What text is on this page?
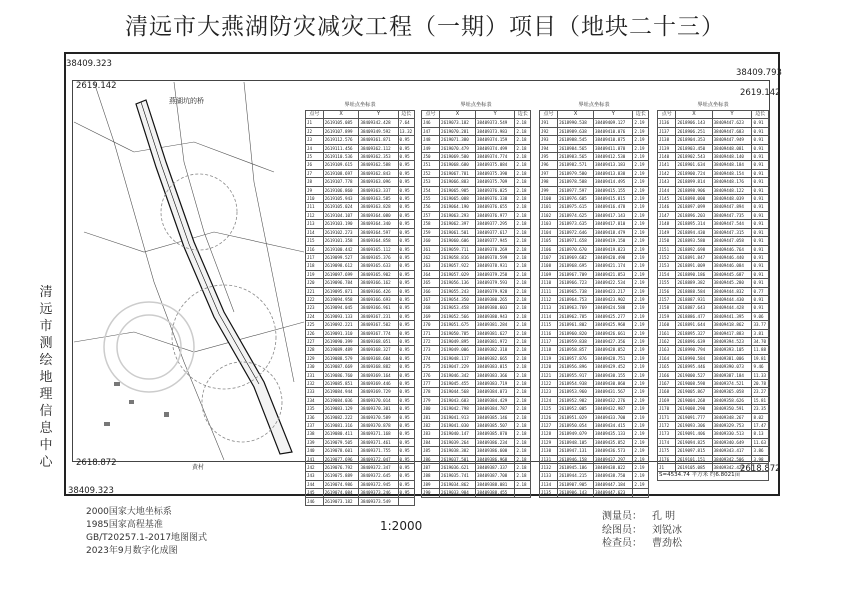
清远市大燕湖防灾减灾工程（一期）项目（地块二十三）
38409.323
38409.793
2619.142
2619.142
2618.872
2618.872
38409.323
清远市测绘地理信息中心
燕湖坑的桥
黄村
界址点坐标表			
点号	X	Y	边长
J1	2619105.085	38409342.428	7.64
J2	2619107.899	38409349.592	13.32
J3	2619112.576	38409361.871	0.95
J4	2619111.456	38409362.112	0.95
J5	2619110.536	38409362.353	0.95
J6	2619109.615	38409362.588	0.95
J7	2619108.697	38409362.843	0.95
J8	2619107.778	38409363.096	0.95
J9	2619106.860	38409363.337	0.95
J10	2619105.943	38409363.585	0.95
J11	2619105.024	38409363.828	0.95
J12	2619104.107	38409364.080	0.95
J13	2619103.190	38409364.340	0.95
J14	2619102.273	38409364.597	0.95
J15	2619101.358	38409364.858	0.95
J16	2619100.442	38409365.112	0.95
J17	2619099.527	38409365.376	0.95
J18	2619098.612	38409365.633	0.95
J19	2619097.699	38409365.902	0.95
J20	2619096.784	38409366.162	0.95
J21	2619095.871	38409366.426	0.95
J22	2619094.958	38409366.693	0.95
J23	2619094.045	38409366.961	0.95
J24	2619093.133	38409367.231	0.95
J25	2619092.221	38409367.502	0.95
J26	2619091.310	38409367.774	0.95
J27	2619090.399	38409368.051	0.95
J28	2619089.489	38409368.327	0.95
J29	2619088.579	38409368.604	0.95
J30	2619087.669	38409368.882	0.95
J31	2619086.760	38409369.164	0.95
J32	2619085.851	38409369.446	0.95
J33	2619084.944	38409369.729	0.95
J34	2619084.036	38409370.014	0.95
J35	2619083.129	38409370.301	0.95
J36	2619082.222	38409370.589	0.95
J37	2619081.316	38409370.878	0.95
J38	2619080.411	38409371.168	0.95
J39	2619079.505	38409371.461	0.95
J40	2619078.601	38409371.755	0.95
J41	2619077.696	38409372.047	0.95
J42	2619076.792	38409372.347	0.95
J43	2619075.889	38409372.645	0.95
J44	2619074.986	38409372.945	0.95
J45	2619074.084	38409373.246	0.95
J46	2619073.182	38409373.549	
界址点坐标表			
点号	X	Y	边长
J46	2619073.182	38409373.549	2.18
J47	2619070.281	38409373.983	2.18
J48	2619071.380	38409374.159	2.18
J49	2619070.479	38409374.499	2.18
J50	2619069.580	38409374.774	2.18
J51	2619068.680	38409375.084	2.18
J52	2619067.781	38409375.398	2.18
J53	2619066.883	38409375.709	2.18
J54	2619065.985	38409376.025	2.18
J55	2619065.088	38409376.338	2.18
J56	2619064.190	38409376.655	2.18
J57	2619063.293	38409376.977	2.18
J58	2619062.397	38409377.295	2.18
J59	2619061.501	38409377.617	2.18
J60	2619060.606	38409377.945	2.18
J61	2619059.711	38409378.269	2.18
J62	2619058.816	38409378.599	2.18
J63	2619057.922	38409378.931	2.18
J64	2619057.029	38409379.258	2.18
J65	2619056.136	38409379.593	2.18
J66	2619055.243	38409379.928	2.18
J67	2619054.350	38409380.265	2.18
J68	2619053.458	38409380.603	2.18
J69	2619052.566	38409380.943	2.18
J70	2619051.675	38409381.284	2.18
J71	2619050.785	38409381.627	2.18
J72	2619049.895	38409381.972	2.18
J73	2619049.006	38409382.318	2.18
J74	2619048.117	38409382.665	2.18
J75	2619047.229	38409383.015	2.18
J76	2619046.342	38409383.366	2.18
J77	2619045.455	38409383.719	2.18
J78	2619044.568	38409384.073	2.18
J79	2619043.683	38409384.429	2.18
J80	2619042.798	38409384.787	2.18
J81	2619041.913	38409385.146	2.18
J82	2619041.030	38409385.507	2.18
J83	2619040.147	38409385.870	2.18
J84	2619039.264	38409386.234	2.18
J85	2619038.382	38409386.600	2.18
J86	2619037.501	38409386.968	2.18
J87	2619036.621	38409387.337	2.18
J88	2619035.741	38409387.708	2.18
J89	2619034.862	38409388.081	2.18
J90	2619033.984	38409388.455	
界址点坐标表			
点号	X	Y	边长
J91	2618990.538	38409409.127	2.19
J92	2618989.638	38409410.076	2.19
J93	2618988.545	38409410.875	2.19
J94	2618984.565	38409411.878	2.19
J95	2618983.565	38409412.530	2.19
J96	2618982.571	38409413.183	2.19
J97	2618979.580	38409413.838	2.19
J98	2618978.588	38409414.495	2.19
J99	2618977.597	38409415.155	2.19
J100	2618976.605	38409415.815	2.19
J101	2618975.615	38409416.478	2.19
J102	2618974.625	38409417.143	2.19
J103	2618973.635	38409417.810	2.19
J104	2618972.646	38409418.479	2.19
J105	2618971.658	38409419.150	2.19
J106	2618970.670	38409419.823	2.19
J107	2618969.682	38409420.498	2.19
J108	2618968.695	38409421.174	2.19
J109	2618967.709	38409421.853	2.19
J110	2618966.723	38409422.534	2.19
J111	2618965.738	38409423.217	2.19
J112	2618964.753	38409423.902	2.19
J113	2618963.769	38409424.588	2.19
J114	2618962.785	38409425.277	2.19
J115	2618961.802	38409425.968	2.19
J116	2618960.820	38409426.661	2.19
J117	2618959.838	38409427.356	2.19
J118	2618958.857	38409428.052	2.19
J119	2618957.876	38409428.751	2.19
J120	2618956.896	38409429.452	2.19
J121	2618955.917	38409430.155	2.19
J122	2618954.938	38409430.860	2.19
J123	2618953.960	38409431.567	2.19
J124	2618952.982	38409432.276	2.19
J125	2618952.005	38409432.987	2.19
J126	2618951.029	38409433.700	2.19
J127	2618950.054	38409434.415	2.19
J128	2618949.079	38409435.133	2.19
J129	2618948.105	38409435.852	2.19
J130	2618947.131	38409436.573	2.19
J131	2618946.158	38409437.297	2.19
J132	2618945.186	38409438.022	2.19
J133	2618944.215	38409438.750	2.19
J134	2618907.905	38409447.184	2.19
J135	2618906.143	38409447.623	
界址点坐标表			
点号	X	Y	边长
J136	2618906.143	38409447.623	0.91
J137	2618906.251	38409447.683	0.91
J138	2618904.353	38409447.949	0.91
J139	2618903.450	38409448.081	0.91
J140	2618902.543	38409448.140	0.91
J141	2618901.634	38409448.184	0.91
J142	2618900.724	38409448.154	0.91
J143	2618899.814	38409448.176	0.91
J144	2618898.906	38409448.122	0.91
J145	2618898.000	38409448.039	0.91
J146	2618897.099	38409447.894	0.91
J147	2618896.203	38409447.735	0.91
J148	2618895.314	38409447.544	0.91
J149	2618894.430	38409447.315	0.91
J150	2618893.580	38409447.058	0.91
J151	2618892.698	38409446.764	0.91
J152	2618891.847	38409446.440	0.91
J153	2618891.009	38409446.084	0.91
J154	2618890.186	38409445.687	0.91
J155	2618889.382	38409445.280	0.91
J156	2618888.584	38409444.832	0.77
J157	2618887.931	38409444.430	0.91
J158	2618887.643	38409444.428	0.91
J159	2618886.477	38409441.395	9.06
J160	2618891.644	38409418.862	33.77
J161	2618895.327	38409417.883	3.81
J162	2618896.639	38409394.523	34.70
J163	2618990.794	38409393.105	11.88
J164	2618990.584	38409381.006	19.81
J165	2618995.446	38409390.073	9.46
J166	2619000.527	38409387.184	11.33
J167	2619008.598	38409374.521	20.78
J168	2619005.867	38409365.058	23.27
J169	2619004.268	38409358.626	15.81
J170	2619008.290	38409350.591	23.35
J171	2619091.777	38409348.267	8.02
J172	2619093.306	38409329.753	17.47
J173	2619091.406	38409330.513	8.13
J174	2619094.825	38409340.649	11.63
J175	2619097.815	38409343.417	3.86
J176	2619101.151	38409342.506	3.98
J1	2619105.085	38409342.428	
S=4534.74 平方米 约6.8021亩			
1:2000
2000国家大地坐标系
1985国家高程基准
GB/T20257.1-2017地图图式
2023年9月数字化成图
测量员： 孔 明
绘图员： 刘锐冰
检查员： 曹劲松
